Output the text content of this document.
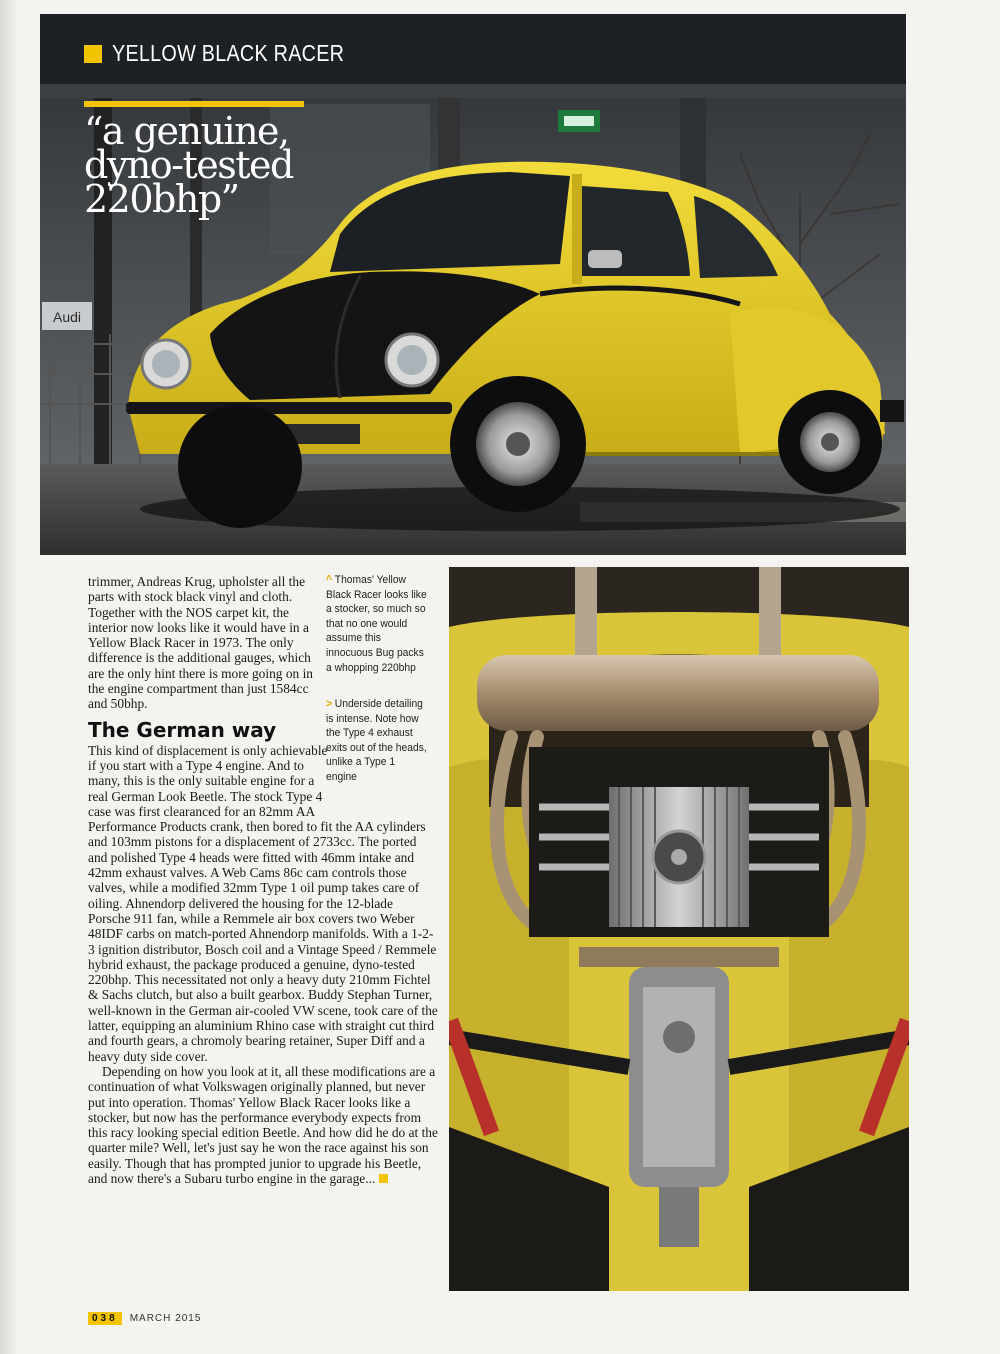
Audi
YELLOW BLACK RACER
“a genuine, dyno-tested 220bhp”

trimmer, Andreas Krug, upholster all the parts with stock black vinyl and cloth. Together with the NOS carpet kit, the interior now looks like it would have in a Yellow Black Racer in 1973. The only difference is the additional gauges, which are the only hint there is more going on in the engine compartment than just 1584cc and 50bhp.

The German way

This kind of displacement is only achievable if you start with a Type 4 engine. And to many, this is the only suitable engine for a real German Look Beetle. The stock Type 4 case was first clearanced for an 82mm AA Performance Products crank, then bored to fit the AA cylinders and 103mm pistons for a displacement of 2733cc. The ported and polished Type 4 heads were fitted with 46mm intake and 42mm exhaust valves. A Web Cams 86c cam controls those valves, while a modified 32mm Type 1 oil pump takes care of oiling. Ahnendorp delivered the housing for the 12-blade Porsche 911 fan, while a Remmele air box covers two Weber 48IDF carbs on match-ported Ahnendorp manifolds. With a 1-2-3 ignition distributor, Bosch coil and a Vintage Speed / Remmele hybrid exhaust, the package produced a genuine, dyno-tested 220bhp. This necessitated not only a heavy duty 210mm Fichtel & Sachs clutch, but also a built gearbox. Buddy Stephan Turner, well-known in the German air-cooled VW scene, took care of the latter, equipping an aluminium Rhino case with straight cut third and fourth gears, a chromoly bearing retainer, Super Diff and a heavy duty side cover.

Depending on how you look at it, all these modifications are a continuation of what Volkswagen originally planned, but never put into operation. Thomas' Yellow Black Racer looks like a stocker, but now has the performance everybody expects from this racy looking special edition Beetle. And how did he do at the quarter mile? Well, let's just say he won the race against his son easily. Though that has prompted junior to upgrade his Beetle, and now there's a Subaru turbo engine in the garage...

^ Thomas' Yellow Black Racer looks like a stocker, so much so that no one would assume this innocuous Bug packs a whopping 220bhp
> Underside detailing is intense. Note how the Type 4 exhaust exits out of the heads, unlike a Type 1 engine
038	MARCH 2015
